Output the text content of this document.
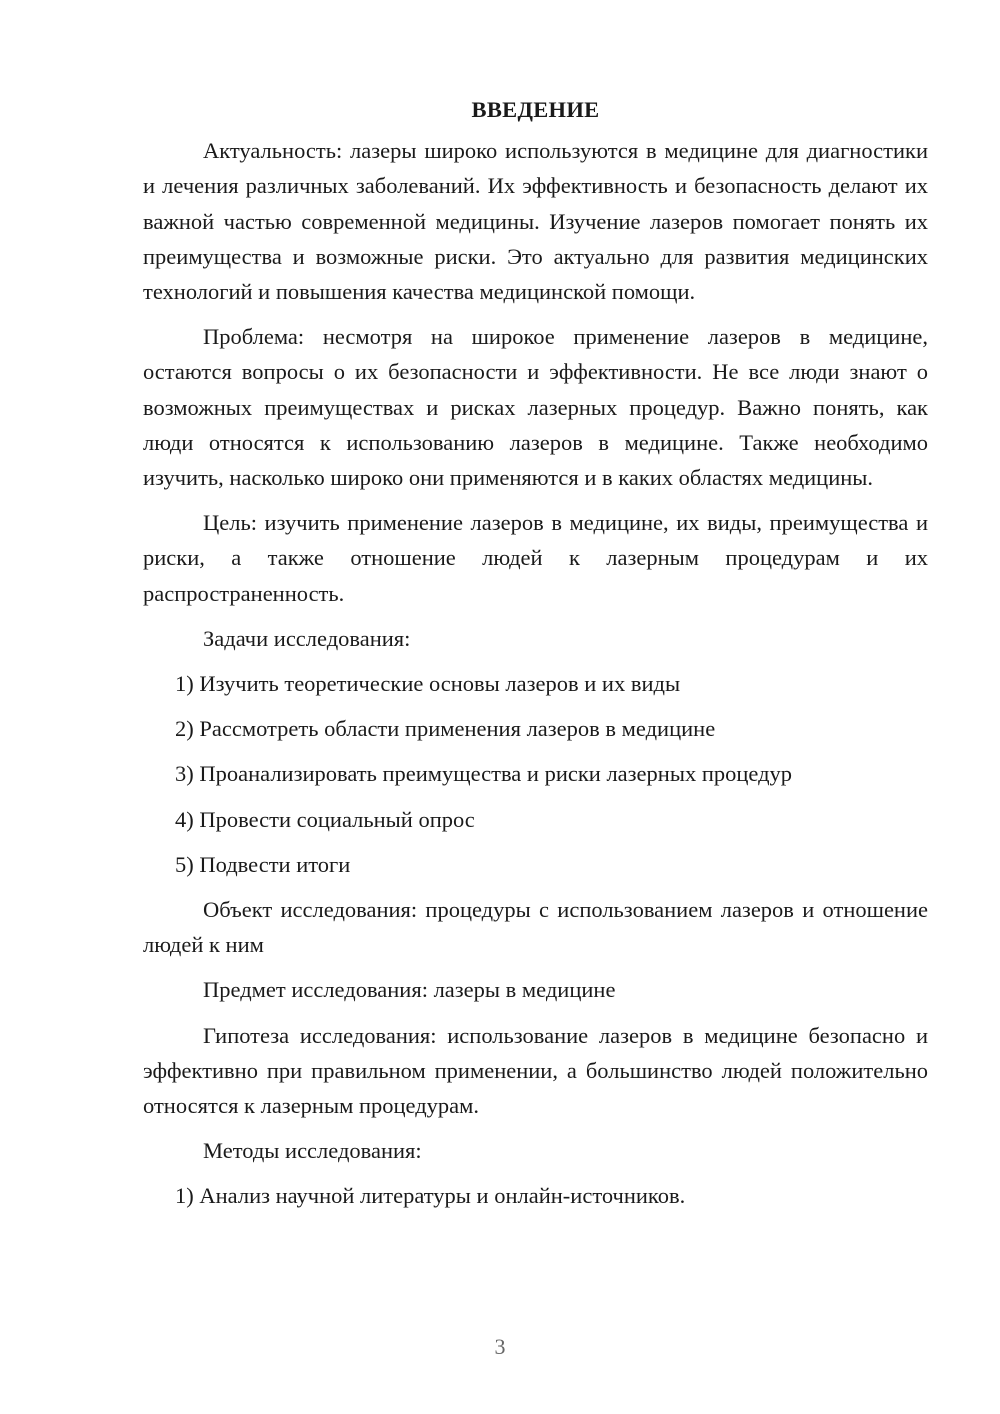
ВВЕДЕНИЕ

Актуальность: лазеры широко используются в медицине для диагностики и лечения различных заболеваний. Их эффективность и безопасность делают их важной частью современной медицины. Изучение лазеров помогает понять их преимущества и возможные риски. Это актуально для развития медицинских технологий и повышения качества медицинской помощи.

Проблема: несмотря на широкое применение лазеров в медицине, остаются вопросы о их безопасности и эффективности. Не все люди знают о возможных преимуществах и рисках лазерных процедур. Важно понять, как люди относятся к использованию лазеров в медицине. Также необходимо изучить, насколько широко они применяются и в каких областях медицины.

Цель: изучить применение лазеров в медицине, их виды, преимущества и риски, а также отношение людей к лазерным процедурам и их распространенность.

Задачи исследования:

1) Изучить теоретические основы лазеров и их виды
2) Рассмотреть области применения лазеров в медицине
3) Проанализировать преимущества и риски лазерных процедур
4) Провести социальный опрос
5) Подвести итоги

Объект исследования: процедуры с использованием лазеров и отношение людей к ним

Предмет исследования: лазеры в медицине

Гипотеза исследования: использование лазеров в медицине безопасно и эффективно при правильном применении, а большинство людей положительно относятся к лазерным процедурам.

Методы исследования:

1) Анализ научной литературы и онлайн-источников.
3
